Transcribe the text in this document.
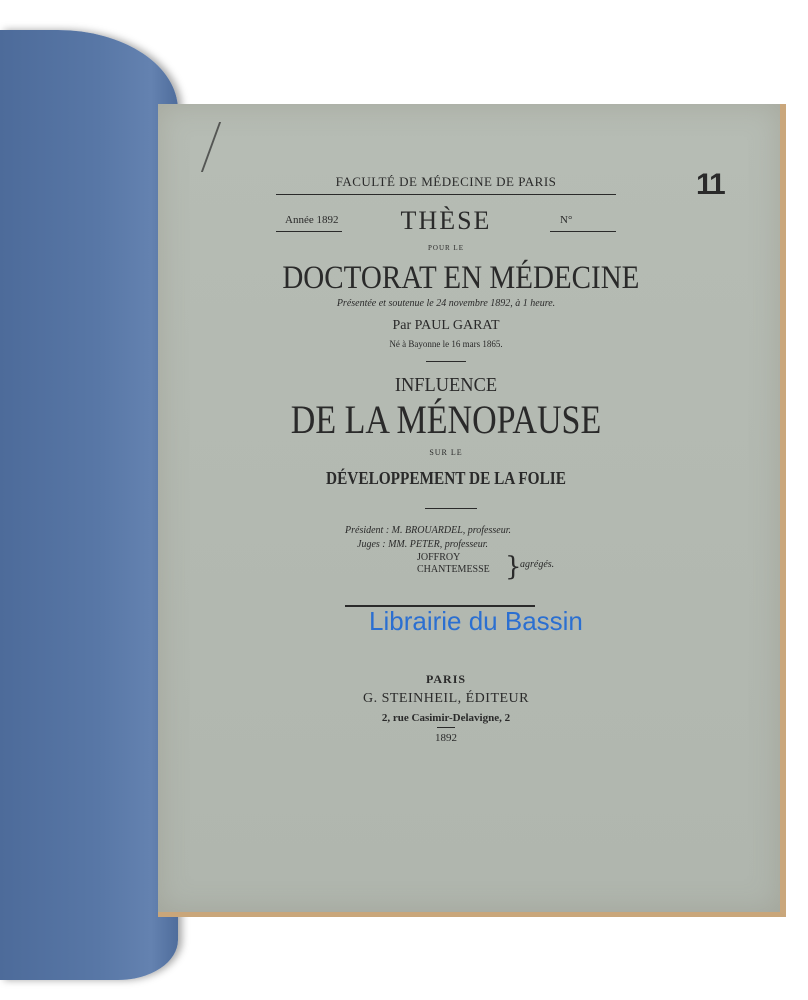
11
FACULTÉ DE MÉDECINE DE PARIS
Année 1892	N°
THÈSE
POUR LE
DOCTORAT EN MÉDECINE
Présentée et soutenue le 24 novembre 1892, à 1 heure.
Par PAUL GARAT
Né à Bayonne le 16 mars 1865.
INFLUENCE
DE LA MÉNOPAUSE
SUR LE
DÉVELOPPEMENT DE LA FOLIE
Président : M. BROUARDEL, professeur.
Juges : MM. PETER, professeur.
JOFFROY
CHANTEMESSE }
agrégés.
Librairie du Bassin
PARIS
G. STEINHEIL, ÉDITEUR
2, rue Casimir-Delavigne, 2
1892
